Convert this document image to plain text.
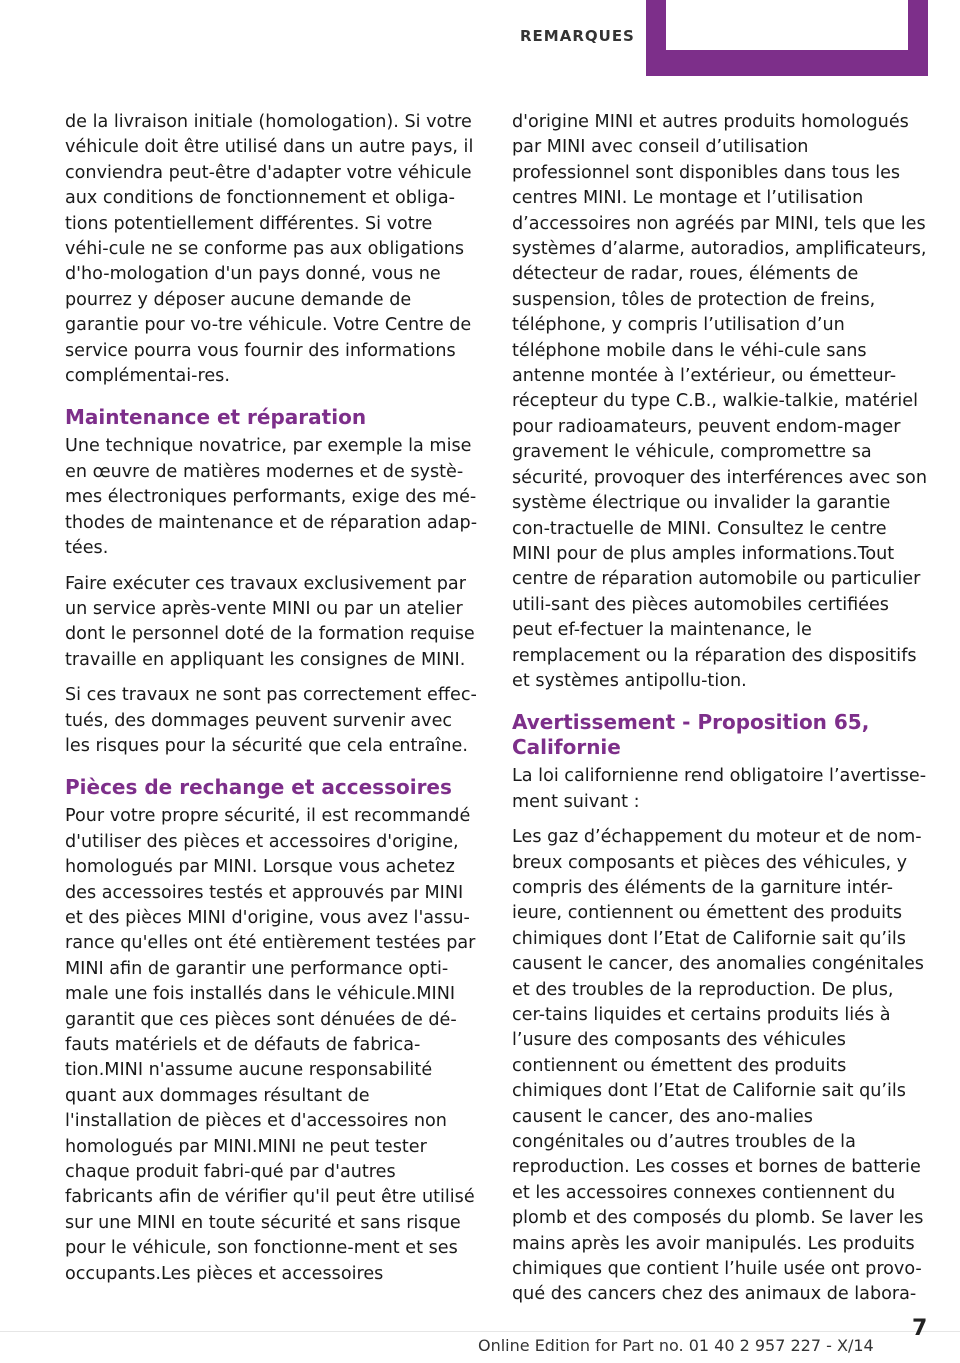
REMARQUES

de la livraison initiale (homologation). Si votre véhicule doit être utilisé dans un autre pays, il conviendra peut-être d'adapter votre véhicule aux conditions de fonctionnement et obliga-tions potentiellement différentes. Si votre véhi-cule ne se conforme pas aux obligations d'ho-mologation d'un pays donné, vous ne pourrez y déposer aucune demande de garantie pour vo-tre véhicule. Votre Centre de service pourra vous fournir des informations complémentai-res.

Maintenance et réparation

Une technique novatrice, par exemple la mise en œuvre de matières modernes et de systè-mes électroniques performants, exige des mé-thodes de maintenance et de réparation adap-tées.

Faire exécuter ces travaux exclusivement par un service après-vente MINI ou par un atelier dont le personnel doté de la formation requise travaille en appliquant les consignes de MINI.

Si ces travaux ne sont pas correctement effec-tués, des dommages peuvent survenir avec les risques pour la sécurité que cela entraîne.

Pièces de rechange et accessoires

Pour votre propre sécurité, il est recommandé d'utiliser des pièces et accessoires d'origine, homologués par MINI. Lorsque vous achetez des accessoires testés et approuvés par MINI et des pièces MINI d'origine, vous avez l'assu-rance qu'elles ont été entièrement testées par MINI afin de garantir une performance opti-male une fois installés dans le véhicule.MINI garantit que ces pièces sont dénuées de dé-fauts matériels et de défauts de fabrica-tion.MINI n'assume aucune responsabilité quant aux dommages résultant de l'installation de pièces et d'accessoires non homologués par MINI.MINI ne peut tester chaque produit fabri-qué par d'autres fabricants afin de vérifier qu'il peut être utilisé sur une MINI en toute sécurité et sans risque pour le véhicule, son fonctionne-ment et ses occupants.Les pièces et accessoires

d'origine MINI et autres produits homologués par MINI avec conseil d’utilisation professionnel sont disponibles dans tous les centres MINI. Le montage et l’utilisation d’accessoires non agréés par MINI, tels que les systèmes d’alarme, autoradios, amplificateurs, détecteur de radar, roues, éléments de suspension, tôles de protection de freins, téléphone, y compris l’utilisation d’un téléphone mobile dans le véhi-cule sans antenne montée à l’extérieur, ou émetteur-récepteur du type C.B., walkie-talkie, matériel pour radioamateurs, peuvent endom-mager gravement le véhicule, compromettre sa sécurité, provoquer des interférences avec son système électrique ou invalider la garantie con-tractuelle de MINI. Consultez le centre MINI pour de plus amples informations.Tout centre de réparation automobile ou particulier utili-sant des pièces automobiles certifiées peut ef-fectuer la maintenance, le remplacement ou la réparation des dispositifs et systèmes antipollu-tion.

Avertissement - Proposition 65, Californie

La loi californienne rend obligatoire l’avertisse-ment suivant :

Les gaz d’échappement du moteur et de nom-breux composants et pièces des véhicules, y compris des éléments de la garniture intér-ieure, contiennent ou émettent des produits chimiques dont l’Etat de Californie sait qu’ils causent le cancer, des anomalies congénitales et des troubles de la reproduction. De plus, cer-tains liquides et certains produits liés à l’usure des composants des véhicules contiennent ou émettent des produits chimiques dont l’Etat de Californie sait qu’ils causent le cancer, des ano-malies congénitales ou d’autres troubles de la reproduction. Les cosses et bornes de batterie et les accessoires connexes contiennent du plomb et des composés du plomb. Se laver les mains après les avoir manipulés. Les produits chimiques que contient l’huile usée ont provo-qué des cancers chez des animaux de labora-

Online Edition for Part no. 01 40 2 957 227 - X/14
7
